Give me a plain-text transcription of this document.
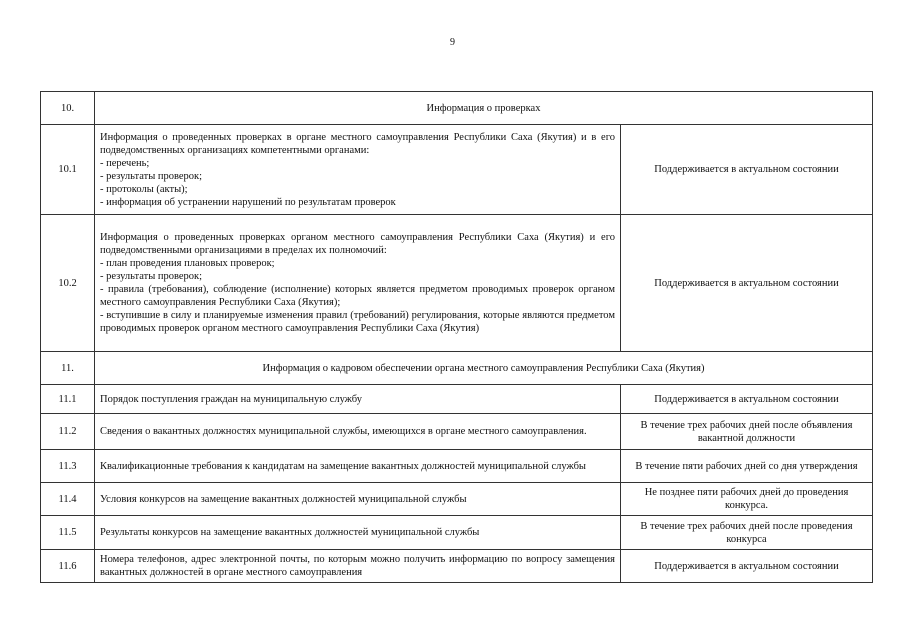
9
10.	Информация о проверках	
10.1	Информация о проведенных проверках в органе местного самоуправления Республики Саха (Якутия) и в его подведомственных организациях компетентными органами:
- перечень;
- результаты проверок;
- протоколы (акты);
- информация об устранении нарушений по результатам проверок	Поддерживается в актуальном состоянии
10.2	Информация о проведенных проверках органом местного самоуправления Республики Саха (Якутия) и его подведомственными организациями в пределах их полномочий:
- план проведения плановых проверок;
- результаты проверок;
- правила (требования), соблюдение (исполнение) которых является предметом проводимых проверок органом местного самоуправления Республики Саха (Якутия);
- вступившие в силу и планируемые изменения правил (требований) регулирования, которые являются предметом проводимых проверок органом местного самоуправления Республики Саха (Якутия)	Поддерживается в актуальном состоянии
11.	Информация о кадровом обеспечении органа местного самоуправления Республики Саха (Якутия)	
11.1	Порядок поступления граждан на муниципальную службу	Поддерживается в актуальном состоянии
11.2	Сведения о вакантных должностях муниципальной службы, имеющихся в органе местного самоуправления.	В течение трех рабочих дней после объявления вакантной должности
11.3	Квалификационные требования к кандидатам на замещение вакантных должностей муниципальной службы	В течение пяти рабочих дней со дня утверждения
11.4	Условия конкурсов на замещение вакантных должностей муниципальной службы	Не позднее пяти рабочих дней до проведения конкурса.
11.5	Результаты конкурсов на замещение вакантных должностей муниципальной службы	В течение трех рабочих дней после проведения конкурса
11.6	Номера телефонов, адрес электронной почты, по которым можно получить информацию по вопросу замещения вакантных должностей в органе местного самоуправления	Поддерживается в актуальном состоянии
